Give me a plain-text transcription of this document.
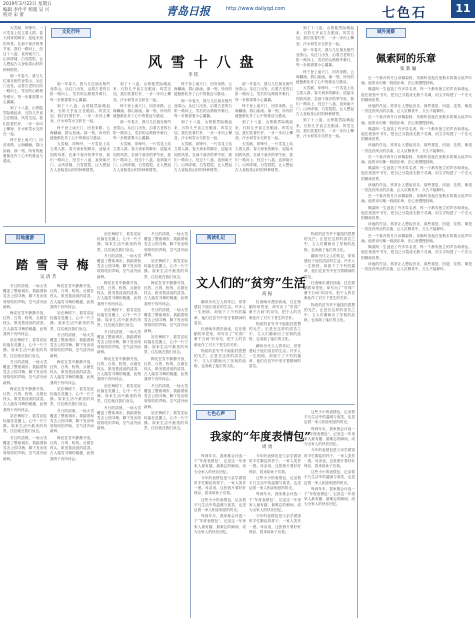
2019年3月22日 星期五
编辑 李作平 组版 吴 兴
校对 宋 蕾	青岛日报	http://www.dailyqd.com	七色石	11

大雪赋，冲锋号，一片雪花上站立着人群。春天到来的脚步，迎接未知的风景。在那个寒冷的季节里，我们一路向上，经过十八盘，直到南天门，山风呼啸，白雪皑皑，让人想起古人登临泰山时的种种情景。

那一年春天，我与几位朋友相约登泰山。从红门出发，沿着古老的石阶一路向上，雪后的山路格外难行，每一步都需要小心翼翼。

到了十八盘，山势陡然险峻起来，石阶几乎直立在眼前。风雪交加，我们扶着栏杆，一步一步向上攀登，汗水和雪水交织在一起。

终于登上南天门，回首来路，云海翻涌，群山如画。那一刻，所有的疲惫都化作了心中的豪迈与感动。

文化行吟
风 雪 十 八 盘
李 钦

那一年春天，我与几位朋友相约登泰山。从红门出发，沿着古老的石阶一路向上，雪后的山路格外难行，每一步都需要小心翼翼。

到了十八盘，山势陡然险峻起来，石阶几乎直立在眼前。风雪交加，我们扶着栏杆，一步一步向上攀登，汗水和雪水交织在一起。

终于登上南天门，回首来路，云海翻涌，群山如画。那一刻，所有的疲惫都化作了心中的豪迈与感动。

大雪赋，冲锋号，一片雪花上站立着人群。春天到来的脚步，迎接未知的风景。在那个寒冷的季节里，我们一路向上，经过十八盘，直到南天门，山风呼啸，白雪皑皑，让人想起古人登临泰山时的种种情景。

到了十八盘，山势陡然险峻起来，石阶几乎直立在眼前。风雪交加，我们扶着栏杆，一步一步向上攀登，汗水和雪水交织在一起。

终于登上南天门，回首来路，云海翻涌，群山如画。那一刻，所有的疲惫都化作了心中的豪迈与感动。

那一年春天，我与几位朋友相约登泰山。从红门出发，沿着古老的石阶一路向上，雪后的山路格外难行，每一步都需要小心翼翼。

大雪赋，冲锋号，一片雪花上站立着人群。春天到来的脚步，迎接未知的风景。在那个寒冷的季节里，我们一路向上，经过十八盘，直到南天门，山风呼啸，白雪皑皑，让人想起古人登临泰山时的种种情景。

终于登上南天门，回首来路，云海翻涌，群山如画。那一刻，所有的疲惫都化作了心中的豪迈与感动。

那一年春天，我与几位朋友相约登泰山。从红门出发，沿着古老的石阶一路向上，雪后的山路格外难行，每一步都需要小心翼翼。

到了十八盘，山势陡然险峻起来，石阶几乎直立在眼前。风雪交加，我们扶着栏杆，一步一步向上攀登，汗水和雪水交织在一起。

大雪赋，冲锋号，一片雪花上站立着人群。春天到来的脚步，迎接未知的风景。在那个寒冷的季节里，我们一路向上，经过十八盘，直到南天门，山风呼啸，白雪皑皑，让人想起古人登临泰山时的种种情景。

那一年春天，我与几位朋友相约登泰山。从红门出发，沿着古老的石阶一路向上，雪后的山路格外难行，每一步都需要小心翼翼。

终于登上南天门，回首来路，云海翻涌，群山如画。那一刻，所有的疲惫都化作了心中的豪迈与感动。

到了十八盘，山势陡然险峻起来，石阶几乎直立在眼前。风雪交加，我们扶着栏杆，一步一步向上攀登，汗水和雪水交织在一起。

大雪赋，冲锋号，一片雪花上站立着人群。春天到来的脚步，迎接未知的风景。在那个寒冷的季节里，我们一路向上，经过十八盘，直到南天门，山风呼啸，白雪皑皑，让人想起古人登临泰山时的种种情景。

到了十八盘，山势陡然险峻起来，石阶几乎直立在眼前。风雪交加，我们扶着栏杆，一步一步向上攀登，汗水和雪水交织在一起。

那一年春天，我与几位朋友相约登泰山。从红门出发，沿着古老的石阶一路向上，雪后的山路格外难行，每一步都需要小心翼翼。

终于登上南天门，回首来路，云海翻涌，群山如画。那一刻，所有的疲惫都化作了心中的豪迈与感动。

大雪赋，冲锋号，一片雪花上站立着人群。春天到来的脚步，迎接未知的风景。在那个寒冷的季节里，我们一路向上，经过十八盘，直到南天门，山风呼啸，白雪皑皑，让人想起古人登临泰山时的种种情景。

到了十八盘，山势陡然险峻起来，石阶几乎直立在眼前。风雪交加，我们扶着栏杆，一步一步向上攀登，汗水和雪水交织在一起。

域外观察
佩索阿的乐章
张 新 颖

在一个寒冷的冬日读佩索阿，仿佛听见他在里斯本的街头低声吟诵。他的诗句像一段段乐章，在心底慢慢回响。

佩索阿一生创造了许多异名者，每一个都有独立的声音和命运。他在孤独中书写，把自己分裂成无数个灵魂，用文字构建了一个宏大的精神世界。

读他的作品，常常让人想起音乐，那些重复、回旋、变奏，像是一首没有终点的乐曲，让人沉醉其中，久久不能释怀。

在一个寒冷的冬日读佩索阿，仿佛听见他在里斯本的街头低声吟诵。他的诗句像一段段乐章，在心底慢慢回响。

佩索阿一生创造了许多异名者，每一个都有独立的声音和命运。他在孤独中书写，把自己分裂成无数个灵魂，用文字构建了一个宏大的精神世界。

读他的作品，常常让人想起音乐，那些重复、回旋、变奏，像是一首没有终点的乐曲，让人沉醉其中，久久不能释怀。

在一个寒冷的冬日读佩索阿，仿佛听见他在里斯本的街头低声吟诵。他的诗句像一段段乐章，在心底慢慢回响。

佩索阿一生创造了许多异名者，每一个都有独立的声音和命运。他在孤独中书写，把自己分裂成无数个灵魂，用文字构建了一个宏大的精神世界。

读他的作品，常常让人想起音乐，那些重复、回旋、变奏，像是一首没有终点的乐曲，让人沉醉其中，久久不能释怀。

在一个寒冷的冬日读佩索阿，仿佛听见他在里斯本的街头低声吟诵。他的诗句像一段段乐章，在心底慢慢回响。

佩索阿一生创造了许多异名者，每一个都有独立的声音和命运。他在孤独中书写，把自己分裂成无数个灵魂，用文字构建了一个宏大的精神世界。

读他的作品，常常让人想起音乐，那些重复、回旋、变奏，像是一首没有终点的乐曲，让人沉醉其中，久久不能释怀。

在一个寒冷的冬日读佩索阿，仿佛听见他在里斯本的街头低声吟诵。他的诗句像一段段乐章，在心底慢慢回响。

佩索阿一生创造了许多异名者，每一个都有独立的声音和命运。他在孤独中书写，把自己分裂成无数个灵魂，用文字构建了一个宏大的精神世界。

读他的作品，常常让人想起音乐，那些重复、回旋、变奏，像是一首没有终点的乐曲，让人沉醉其中，久久不能释怀。

旧地重游
踏 雪 寻 梅
吴 清 芳

冬日的清晨，一场大雪覆盖了整座城市。我踏着积雪去公园寻梅，脚下发出咯吱咯吱的声响，空气清冷而新鲜。

梅花在雪中静静开放，红的、白的、粉的，点缀在枝头，散发着淡淡的清香。古人踏雪寻梅的雅趣，此刻我终于有所体会。

站在梅树下，看雪花轻轻落在花瓣上，心中一片宁静。原来生活中最美的风景，往往就在我们身边。

冬日的清晨，一场大雪覆盖了整座城市。我踏着积雪去公园寻梅，脚下发出咯吱咯吱的声响，空气清冷而新鲜。

梅花在雪中静静开放，红的、白的、粉的，点缀在枝头，散发着淡淡的清香。古人踏雪寻梅的雅趣，此刻我终于有所体会。

站在梅树下，看雪花轻轻落在花瓣上，心中一片宁静。原来生活中最美的风景，往往就在我们身边。

冬日的清晨，一场大雪覆盖了整座城市。我踏着积雪去公园寻梅，脚下发出咯吱咯吱的声响，空气清冷而新鲜。

梅花在雪中静静开放，红的、白的、粉的，点缀在枝头，散发着淡淡的清香。古人踏雪寻梅的雅趣，此刻我终于有所体会。

站在梅树下，看雪花轻轻落在花瓣上，心中一片宁静。原来生活中最美的风景，往往就在我们身边。

冬日的清晨，一场大雪覆盖了整座城市。我踏着积雪去公园寻梅，脚下发出咯吱咯吱的声响，空气清冷而新鲜。

梅花在雪中静静开放，红的、白的、粉的，点缀在枝头，散发着淡淡的清香。古人踏雪寻梅的雅趣，此刻我终于有所体会。

站在梅树下，看雪花轻轻落在花瓣上，心中一片宁静。原来生活中最美的风景，往往就在我们身边。

冬日的清晨，一场大雪覆盖了整座城市。我踏着积雪去公园寻梅，脚下发出咯吱咯吱的声响，空气清冷而新鲜。

梅花在雪中静静开放，红的、白的、粉的，点缀在枝头，散发着淡淡的清香。古人踏雪寻梅的雅趣，此刻我终于有所体会。

站在梅树下，看雪花轻轻落在花瓣上，心中一片宁静。原来生活中最美的风景，往往就在我们身边。

冬日的清晨，一场大雪覆盖了整座城市。我踏着积雪去公园寻梅，脚下发出咯吱咯吱的声响，空气清冷而新鲜。

梅花在雪中静静开放，红的、白的、粉的，点缀在枝头，散发着淡淡的清香。古人踏雪寻梅的雅趣，此刻我终于有所体会。

站在梅树下，看雪花轻轻落在花瓣上，心中一片宁静。原来生活中最美的风景，往往就在我们身边。

冬日的清晨，一场大雪覆盖了整座城市。我踏着积雪去公园寻梅，脚下发出咯吱咯吱的声响，空气清冷而新鲜。

梅花在雪中静静开放，红的、白的、粉的，点缀在枝头，散发着淡淡的清香。古人踏雪寻梅的雅趣，此刻我终于有所体会。

站在梅树下，看雪花轻轻落在花瓣上，心中一片宁静。原来生活中最美的风景，往往就在我们身边。

冬日的清晨，一场大雪覆盖了整座城市。我踏着积雪去公园寻梅，脚下发出咯吱咯吱的声响，空气清冷而新鲜。

冬日的清晨，一场大雪覆盖了整座城市。我踏着积雪去公园寻梅，脚下发出咯吱咯吱的声响，空气清冷而新鲜。

站在梅树下，看雪花轻轻落在花瓣上，心中一片宁静。原来生活中最美的风景，往往就在我们身边。

梅花在雪中静静开放，红的、白的、粉的，点缀在枝头，散发着淡淡的清香。古人踏雪寻梅的雅趣，此刻我终于有所体会。

冬日的清晨，一场大雪覆盖了整座城市。我踏着积雪去公园寻梅，脚下发出咯吱咯吱的声响，空气清冷而新鲜。

站在梅树下，看雪花轻轻落在花瓣上，心中一片宁静。原来生活中最美的风景，往往就在我们身边。

梅花在雪中静静开放，红的、白的、粉的，点缀在枝头，散发着淡淡的清香。古人踏雪寻梅的雅趣，此刻我终于有所体会。

冬日的清晨，一场大雪覆盖了整座城市。我踏着积雪去公园寻梅，脚下发出咯吱咯吱的声响，空气清冷而新鲜。

站在梅树下，看雪花轻轻落在花瓣上，心中一片宁静。原来生活中最美的风景，往往就在我们身边。

阅读札记
文人们的“贫穷”生活
高 振

翻读历代文人的传记，常常感叹于他们清贫的生活。许多人一生困顿，却留下了不朽的篇章，他们在贫穷中坚守着精神的富足。

杜甫晚年漂泊西南，住在简陋的草堂里，却写出了“安得广厦千万间”的诗句，把个人的苦难化作了对天下苍生的关怀。

物质的贫穷并不能阻挡思想的光芒。正是在这样的清苦之中，文人们磨砺出了坚韧的品格，也成就了灿烂的文化。

杜甫晚年漂泊西南，住在简陋的草堂里，却写出了“安得广厦千万间”的诗句，把个人的苦难化作了对天下苍生的关怀。

物质的贫穷并不能阻挡思想的光芒。正是在这样的清苦之中，文人们磨砺出了坚韧的品格，也成就了灿烂的文化。

翻读历代文人的传记，常常感叹于他们清贫的生活。许多人一生困顿，却留下了不朽的篇章，他们在贫穷中坚守着精神的富足。

物质的贫穷并不能阻挡思想的光芒。正是在这样的清苦之中，文人们磨砺出了坚韧的品格，也成就了灿烂的文化。

翻读历代文人的传记，常常感叹于他们清贫的生活。许多人一生困顿，却留下了不朽的篇章，他们在贫穷中坚守着精神的富足。

杜甫晚年漂泊西南，住在简陋的草堂里，却写出了“安得广厦千万间”的诗句，把个人的苦难化作了对天下苍生的关怀。

物质的贫穷并不能阻挡思想的光芒。正是在这样的清苦之中，文人们磨砺出了坚韧的品格，也成就了灿烂的文化。

七色心声
我家的“年度表情包”
周 勇

每到年末，我家都会评选一个“年度表情包”，记录这一年里家人最有趣、最难忘的瞬间，成为全家人的快乐回忆。

今年的表情包是父亲学做饭时手忙脚乱的样子，一家人笑作一团。母亲说，这张照片要好好保存，将来给孙子们看。

这些小小的表情包，记录着平凡生活中的温暖与欢笑，也见证着一家人相亲相爱的时光。

每到年末，我家都会评选一个“年度表情包”，记录这一年里家人最有趣、最难忘的瞬间，成为全家人的快乐回忆。

今年的表情包是父亲学做饭时手忙脚乱的样子，一家人笑作一团。母亲说，这张照片要好好保存，将来给孙子们看。

这些小小的表情包，记录着平凡生活中的温暖与欢笑，也见证着一家人相亲相爱的时光。

每到年末，我家都会评选一个“年度表情包”，记录这一年里家人最有趣、最难忘的瞬间，成为全家人的快乐回忆。

今年的表情包是父亲学做饭时手忙脚乱的样子，一家人笑作一团。母亲说，这张照片要好好保存，将来给孙子们看。

这些小小的表情包，记录着平凡生活中的温暖与欢笑，也见证着一家人相亲相爱的时光。

每到年末，我家都会评选一个“年度表情包”，记录这一年里家人最有趣、最难忘的瞬间，成为全家人的快乐回忆。

今年的表情包是父亲学做饭时手忙脚乱的样子，一家人笑作一团。母亲说，这张照片要好好保存，将来给孙子们看。

这些小小的表情包，记录着平凡生活中的温暖与欢笑，也见证着一家人相亲相爱的时光。

每到年末，我家都会评选一个“年度表情包”，记录这一年里家人最有趣、最难忘的瞬间，成为全家人的快乐回忆。
